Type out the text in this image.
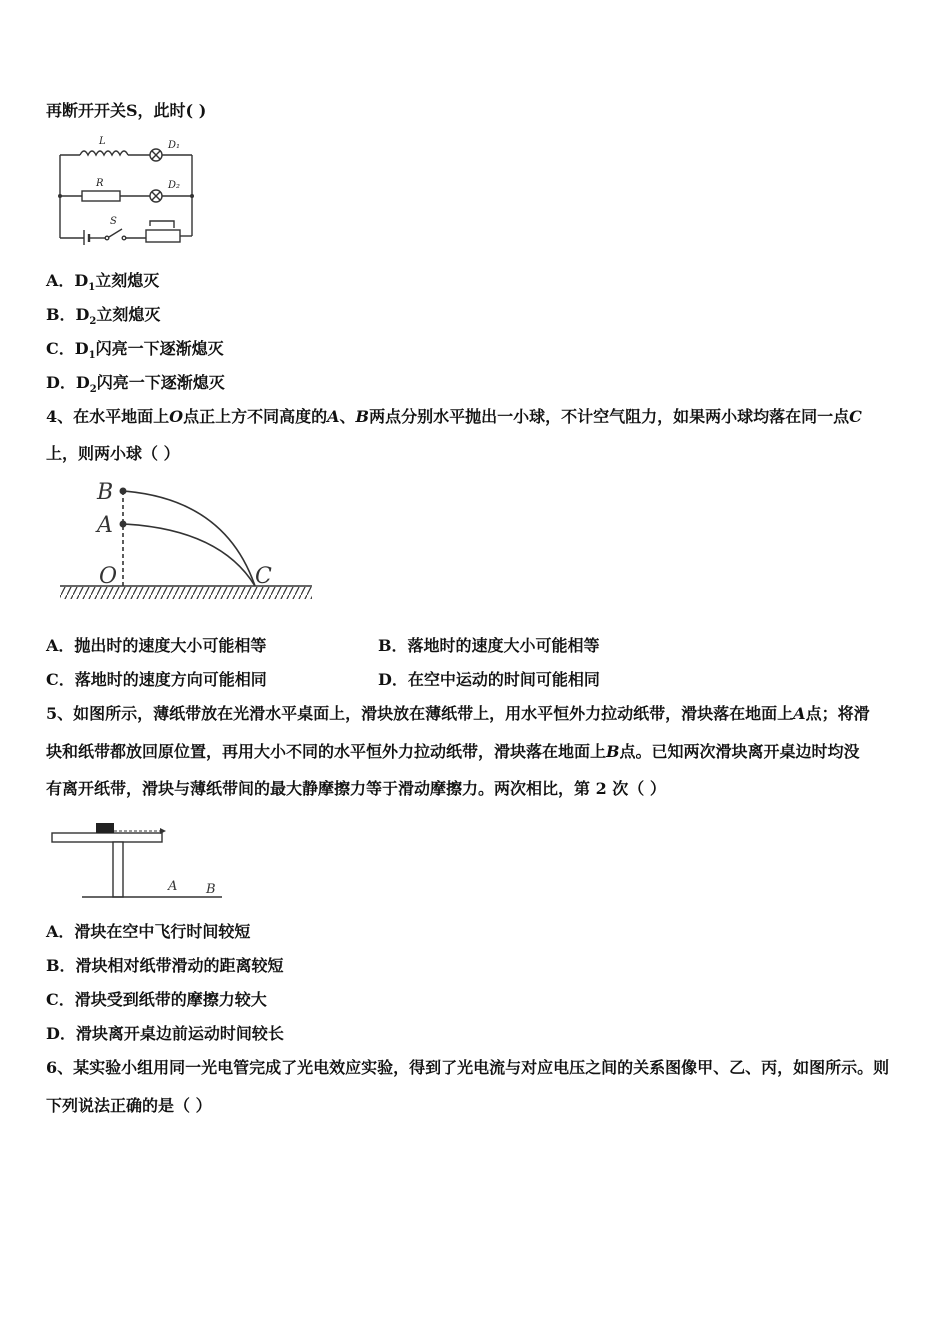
再断开开关S，此时( )
L	D₁
R	D₂
S
A．$D_1$立刻熄灭
B．$D_2$立刻熄灭
C．$D_1$闪亮一下逐渐熄灭
D．$D_2$闪亮一下逐渐熄灭
4、在水平地面上O点正上方不同高度的A、B两点分别水平抛出一小球，不计空气阻力，如果两小球均落在同一点C
上，则两小球（ ）
B
A
O	C
A．抛出时的速度大小可能相等	B．落地时的速度大小可能相等
C．落地时的速度方向可能相同	D．在空中运动的时间可能相同
5、如图所示，薄纸带放在光滑水平桌面上，滑块放在薄纸带上，用水平恒外力拉动纸带，滑块落在地面上A点；将滑
块和纸带都放回原位置，再用大小不同的水平恒外力拉动纸带，滑块落在地面上B点。已知两次滑块离开桌边时均没
有离开纸带，滑块与薄纸带间的最大静摩擦力等于滑动摩擦力。两次相比，第 2 次（ ）
A B
A．滑块在空中飞行时间较短
B．滑块相对纸带滑动的距离较短
C．滑块受到纸带的摩擦力较大
D．滑块离开桌边前运动时间较长
6、某实验小组用同一光电管完成了光电效应实验，得到了光电流与对应电压之间的关系图像甲、乙、丙，如图所示。则
下列说法正确的是（ ）
